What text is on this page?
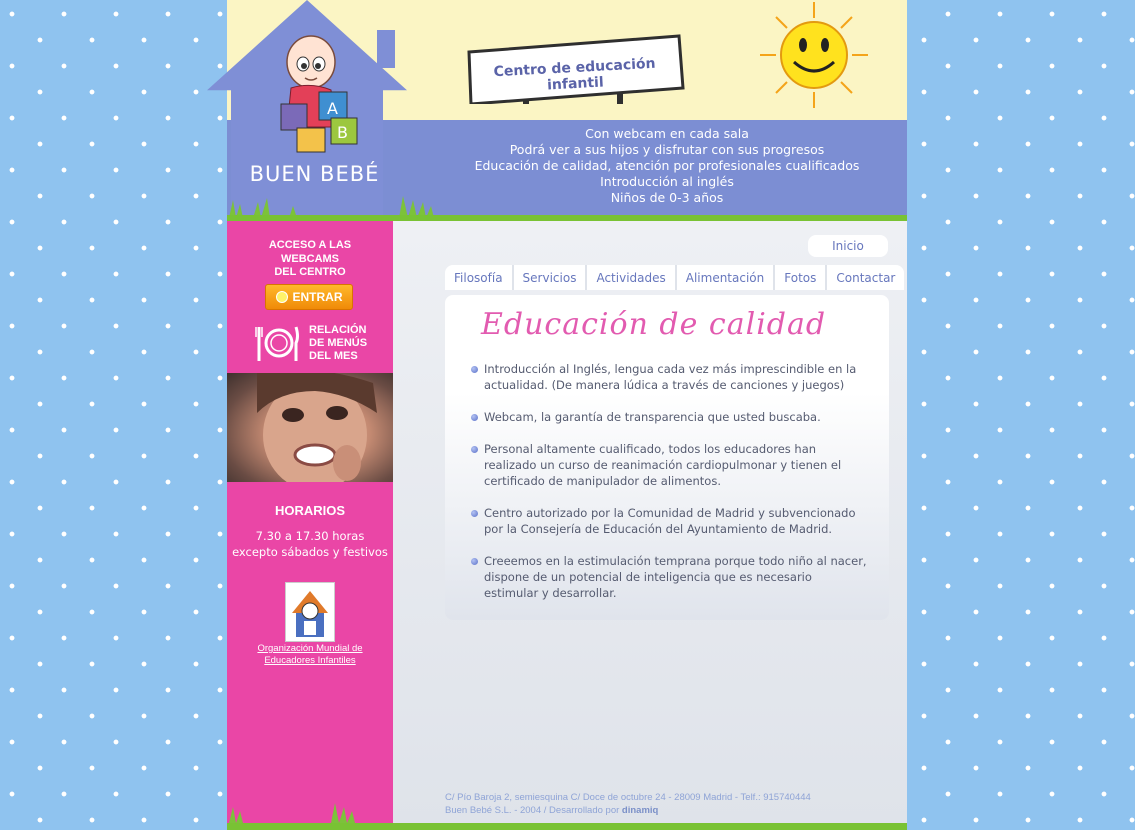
A
B
BUEN BEBÉ
Centro de educación infantil
Con webcam en cada sala
Podrá ver a sus hijos y disfrutar con sus progresos
Educación de calidad, atención por profesionales cualificados
Introducción al inglés
Niños de 0-3 años
ACCESO A LAS
WEBCAMS
DEL CENTRO
ENTRAR
RELACIÓN
DE MENÚS
DEL MES
HORARIOS
7.30 a 17.30 horas
excepto sábados y festivos
Organización Mundial de
Educadores Infantiles
Inicio
Filosofía	Servicios	Actividades	Alimentación	Fotos	Contactar
Educación de calidad
Introducción al Inglés, lengua cada vez más imprescindible en la actualidad. (De manera lúdica a través de canciones y juegos)
Webcam, la garantía de transparencia que usted buscaba.
Personal altamente cualificado, todos los educadores han realizado un curso de reanimación cardiopulmonar y tienen el certificado de manipulador de alimentos.
Centro autorizado por la Comunidad de Madrid y subvencionado por la Consejería de Educación del Ayuntamiento de Madrid.
Creeemos en la estimulación temprana porque todo niño al nacer, dispone de un potencial de inteligencia que es necesario estimular y desarrollar.
C/ Pío Baroja 2, semiesquina C/ Doce de octubre 24 - 28009 Madrid - Telf.: 915740444
Buen Bebé S.L. - 2004 / Desarrollado por dinamiq
